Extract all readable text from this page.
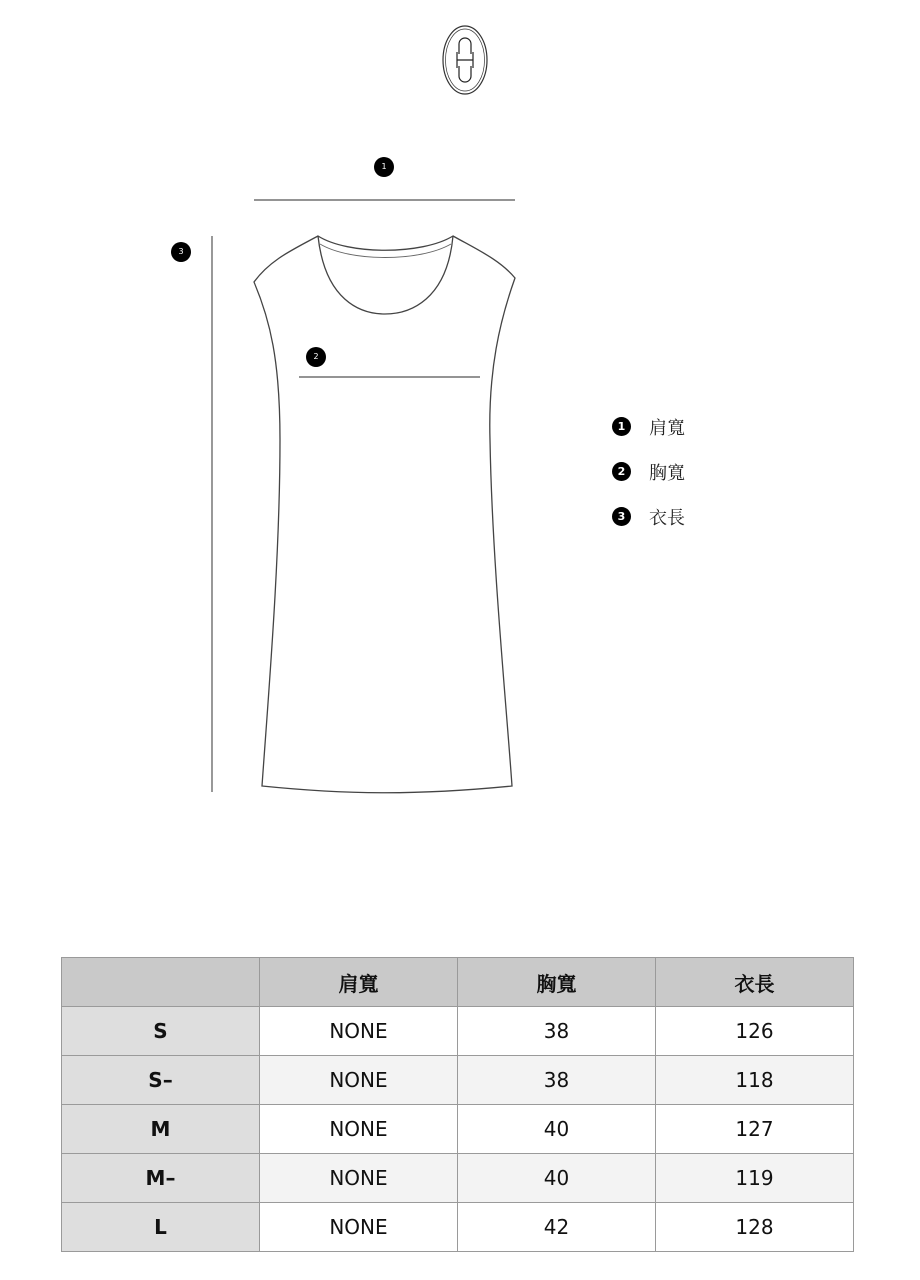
1
2
3
1	肩寬
2	胸寬
3	衣長
	肩寬	胸寬	衣長
S	NONE	38	126
S–	NONE	38	118
M	NONE	40	127
M–	NONE	40	119
L	NONE	42	128
